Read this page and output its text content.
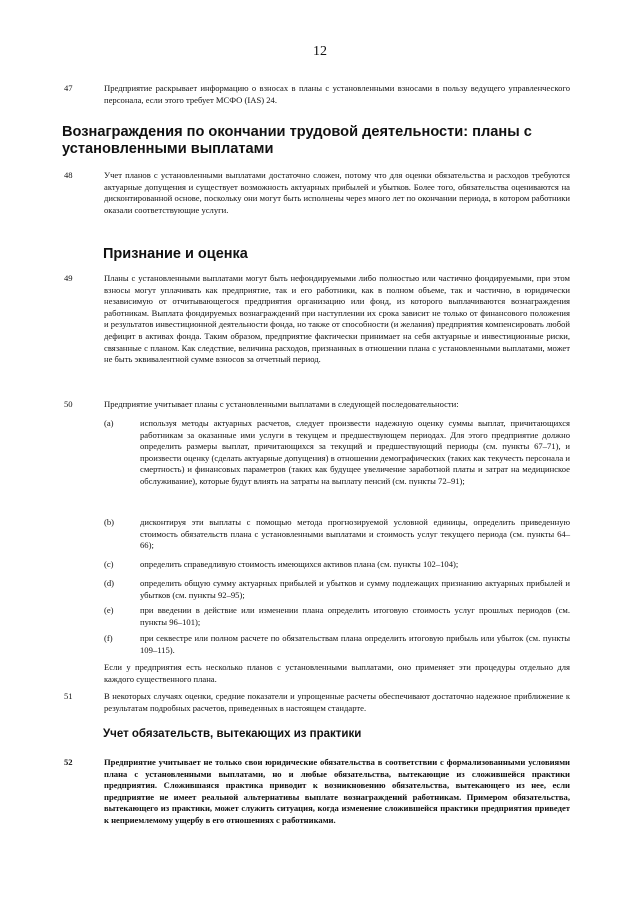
12
47	Предприятие раскрывает информацию о взносах в планы с установленными взносами в пользу ведущего управленческого персонала, если этого требует МСФО (IAS) 24.
Вознаграждения по окончании трудовой деятельности: планы с установленными выплатами
48	Учет планов с установленными выплатами достаточно сложен, потому что для оценки обязательства и расходов требуются актуарные допущения и существует возможность актуарных прибылей и убытков. Более того, обязательства оцениваются на дисконтированной основе, поскольку они могут быть исполнены через много лет по окончании периода, в котором работники оказали соответствующие услуги.
Признание и оценка
49	Планы с установленными выплатами могут быть нефондируемыми либо полностью или частично фондируемыми, при этом взносы могут уплачивать как предприятие, так и его работники, как в полном объеме, так и частично, в юридически независимую от отчитывающегося предприятия организацию или фонд, из которого выплачиваются вознаграждения работникам. Выплата фондируемых вознаграждений при наступлении их срока зависит не только от финансового положения и результатов инвестиционной деятельности фонда, но также от способности (и желания) предприятия компенсировать любой дефицит в активах фонда. Таким образом, предприятие фактически принимает на себя актуарные и инвестиционные риски, связанные с планом. Как следствие, величина расходов, признанных в отношении плана с установленными выплатами, может не быть эквивалентной сумме взносов за отчетный период.
50	Предприятие учитывает планы с установленными выплатами в следующей последовательности:
(a)	используя методы актуарных расчетов, следует произвести надежную оценку суммы выплат, причитающихся работникам за оказанные ими услуги в текущем и предшествующем периодах. Для этого предприятие должно определить размеры выплат, причитающихся за текущий и предшествующий периоды (см. пункты 67–71), и произвести оценку (сделать актуарные допущения) в отношении демографических (таких как текучесть персонала и смертность) и финансовых параметров (таких как будущее увеличение заработной платы и затрат на медицинское обслуживание), которые будут влиять на затраты на выплату пенсий (см. пункты 72–91);
(b)	дисконтируя эти выплаты с помощью метода прогнозируемой условной единицы, определить приведенную стоимость обязательств плана с установленными выплатами и стоимость услуг текущего периода (см. пункты 64–66);
(c)	определить справедливую стоимость имеющихся активов плана (см. пункты 102–104);
(d)	определить общую сумму актуарных прибылей и убытков и сумму подлежащих признанию актуарных прибылей и убытков (см. пункты 92–95);
(e)	при введении в действие или изменении плана определить итоговую стоимость услуг прошлых периодов (см. пункты 96–101);
(f)	при секвестре или полном расчете по обязательствам плана определить итоговую прибыль или убыток (см. пункты 109–115).
Если у предприятия есть несколько планов с установленными выплатами, оно применяет эти процедуры отдельно для каждого существенного плана.
51	В некоторых случаях оценки, средние показатели и упрощенные расчеты обеспечивают достаточно надежное приближение к результатам подробных расчетов, приведенных в настоящем стандарте.
Учет обязательств, вытекающих из практики
52	Предприятие учитывает не только свои юридические обязательства в соответствии с формализованными условиями плана с установленными выплатами, но и любые обязательства, вытекающие из сложившейся практики предприятия. Сложившаяся практика приводит к возникновению обязательства, вытекающего из нее, если предприятие не имеет реальной альтернативы выплате вознаграждений работникам. Примером обязательства, вытекающего из практики, может служить ситуация, когда изменение сложившейся практики предприятия приведет к неприемлемому ущербу в его отношениях с работниками.
